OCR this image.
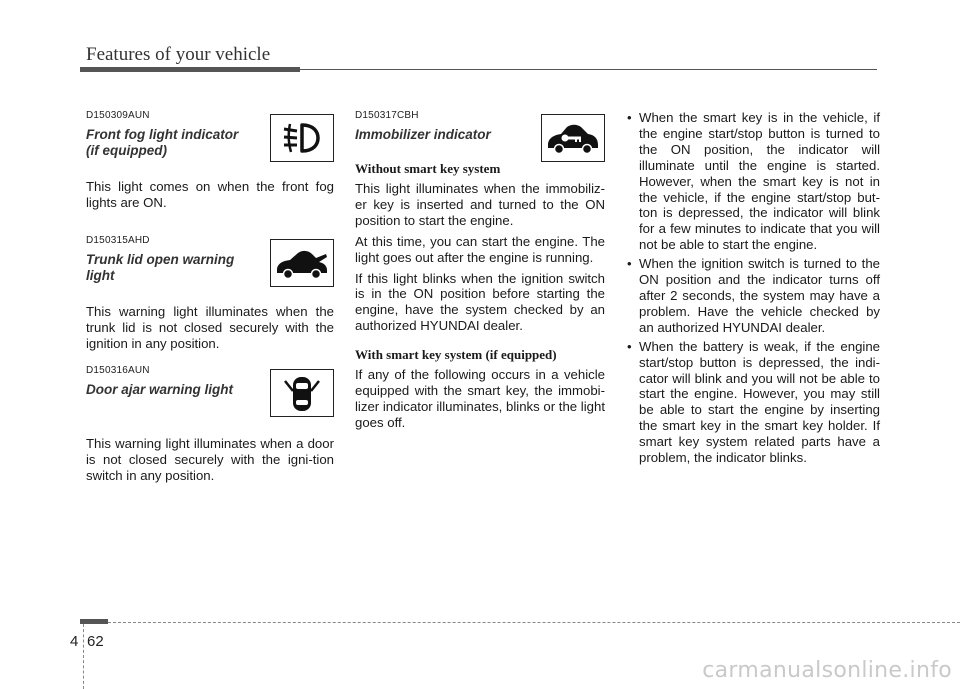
Features of your vehicle
D150309AUN
Front fog light indicator (if equipped)

This light comes on when the front fog lights are ON.

D150315AHD
Trunk lid open warning light

This warning light illuminates when the trunk lid is not closed securely with the ignition in any position.

D150316AUN
Door ajar warning light

This warning light illuminates when a door is not closed securely with the igni-tion switch in any position.

D150317CBH
Immobilizer indicator
Without smart key system

This light illuminates when the immobiliz-er key is inserted and turned to the ON position to start the engine.

At this time, you can start the engine. The light goes out after the engine is running.

If this light blinks when the ignition switch is in the ON position before starting the engine, have the system checked by an authorized HYUNDAI dealer.

With smart key system (if equipped)

If any of the following occurs in a vehicle equipped with the smart key, the immobi-lizer indicator illuminates, blinks or the light goes off.

• When the smart key is in the vehicle, if the engine start/stop button is turned to the ON position, the indicator will illuminate until the engine is started. However, when the smart key is not in the vehicle, if the engine start/stop but-ton is depressed, the indicator will blink for a few minutes to indicate that you will not be able to start the engine.
• When the ignition switch is turned to the ON position and the indicator turns off after 2 seconds, the system may have a problem. Have the vehicle checked by an authorized HYUNDAI dealer.
• When the battery is weak, if the engine start/stop button is depressed, the indi-cator will blink and you will not be able to start the engine. However, you may still be able to start the engine by inserting the smart key in the smart key holder. If smart key system related parts have a problem, the indicator blinks.
4 62
carmanualsonline.info
